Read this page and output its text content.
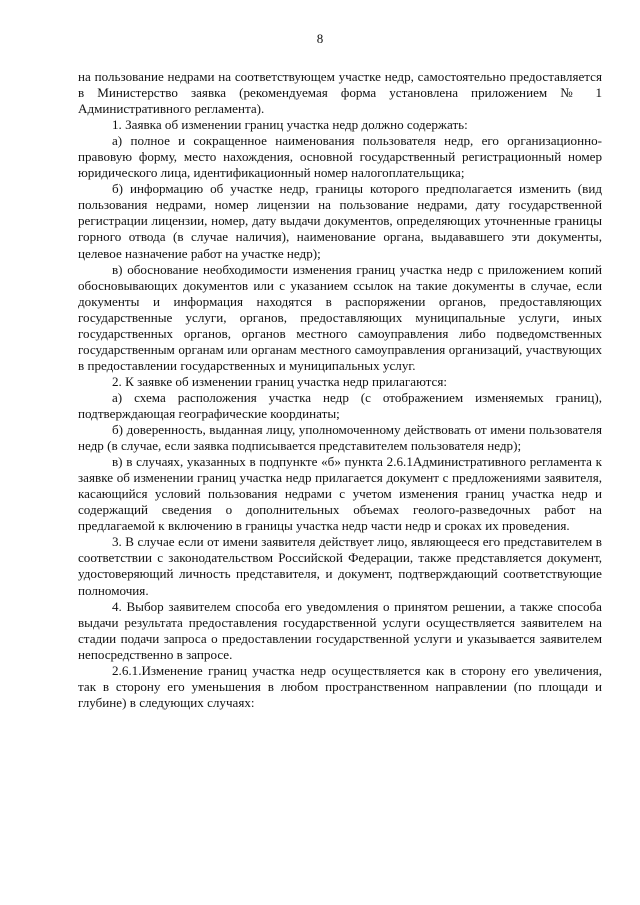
8

на пользование недрами на соответствующем участке недр, самостоятельно предоставляется в Министерство заявка (рекомендуемая форма установлена приложением № 1 Административного регламента).

1. Заявка об изменении границ участка недр должно содержать:

а) полное и сокращенное наименования пользователя недр, его организационно-правовую форму, место нахождения, основной государственный регистрационный номер юридического лица, идентификационный номер налогоплательщика;

б) информацию об участке недр, границы которого предполагается изменить (вид пользования недрами, номер лицензии на пользование недрами, дату государственной регистрации лицензии, номер, дату выдачи документов, определяющих уточненные границы горного отвода (в случае наличия), наименование органа, выдававшего эти документы, целевое назначение работ на участке недр);

в) обоснование необходимости изменения границ участка недр с приложением копий обосновывающих документов или с указанием ссылок на такие документы в случае, если документы и информация находятся в распоряжении органов, предоставляющих государственные услуги, органов, предоставляющих муниципальные услуги, иных государственных органов, органов местного самоуправления либо подведомственных государственным органам или органам местного самоуправления организаций, участвующих в предоставлении государственных и муниципальных услуг.

2. К заявке об изменении границ участка недр прилагаются:

а) схема расположения участка недр (с отображением изменяемых границ), подтверждающая географические координаты;

б) доверенность, выданная лицу, уполномоченному действовать от имени пользователя недр (в случае, если заявка подписывается представителем пользователя недр);

в) в случаях, указанных в подпункте «б» пункта 2.6.1Административного регламента к заявке об изменении границ участка недр прилагается документ с предложениями заявителя, касающийся условий пользования недрами с учетом изменения границ участка недр и содержащий сведения о дополнительных объемах геолого-разведочных работ на предлагаемой к включению в границы участка недр части недр и сроках их проведения.

3. В случае если от имени заявителя действует лицо, являющееся его представителем в соответствии с законодательством Российской Федерации, также представляется документ, удостоверяющий личность представителя, и документ, подтверждающий соответствующие полномочия.

4. Выбор заявителем способа его уведомления о принятом решении, а также способа выдачи результата предоставления государственной услуги осуществляется заявителем на стадии подачи запроса о предоставлении государственной услуги и указывается заявителем непосредственно в запросе.

2.6.1.Изменение границ участка недр осуществляется как в сторону его увеличения, так в сторону его уменьшения в любом пространственном направлении (по площади и глубине) в следующих случаях:
